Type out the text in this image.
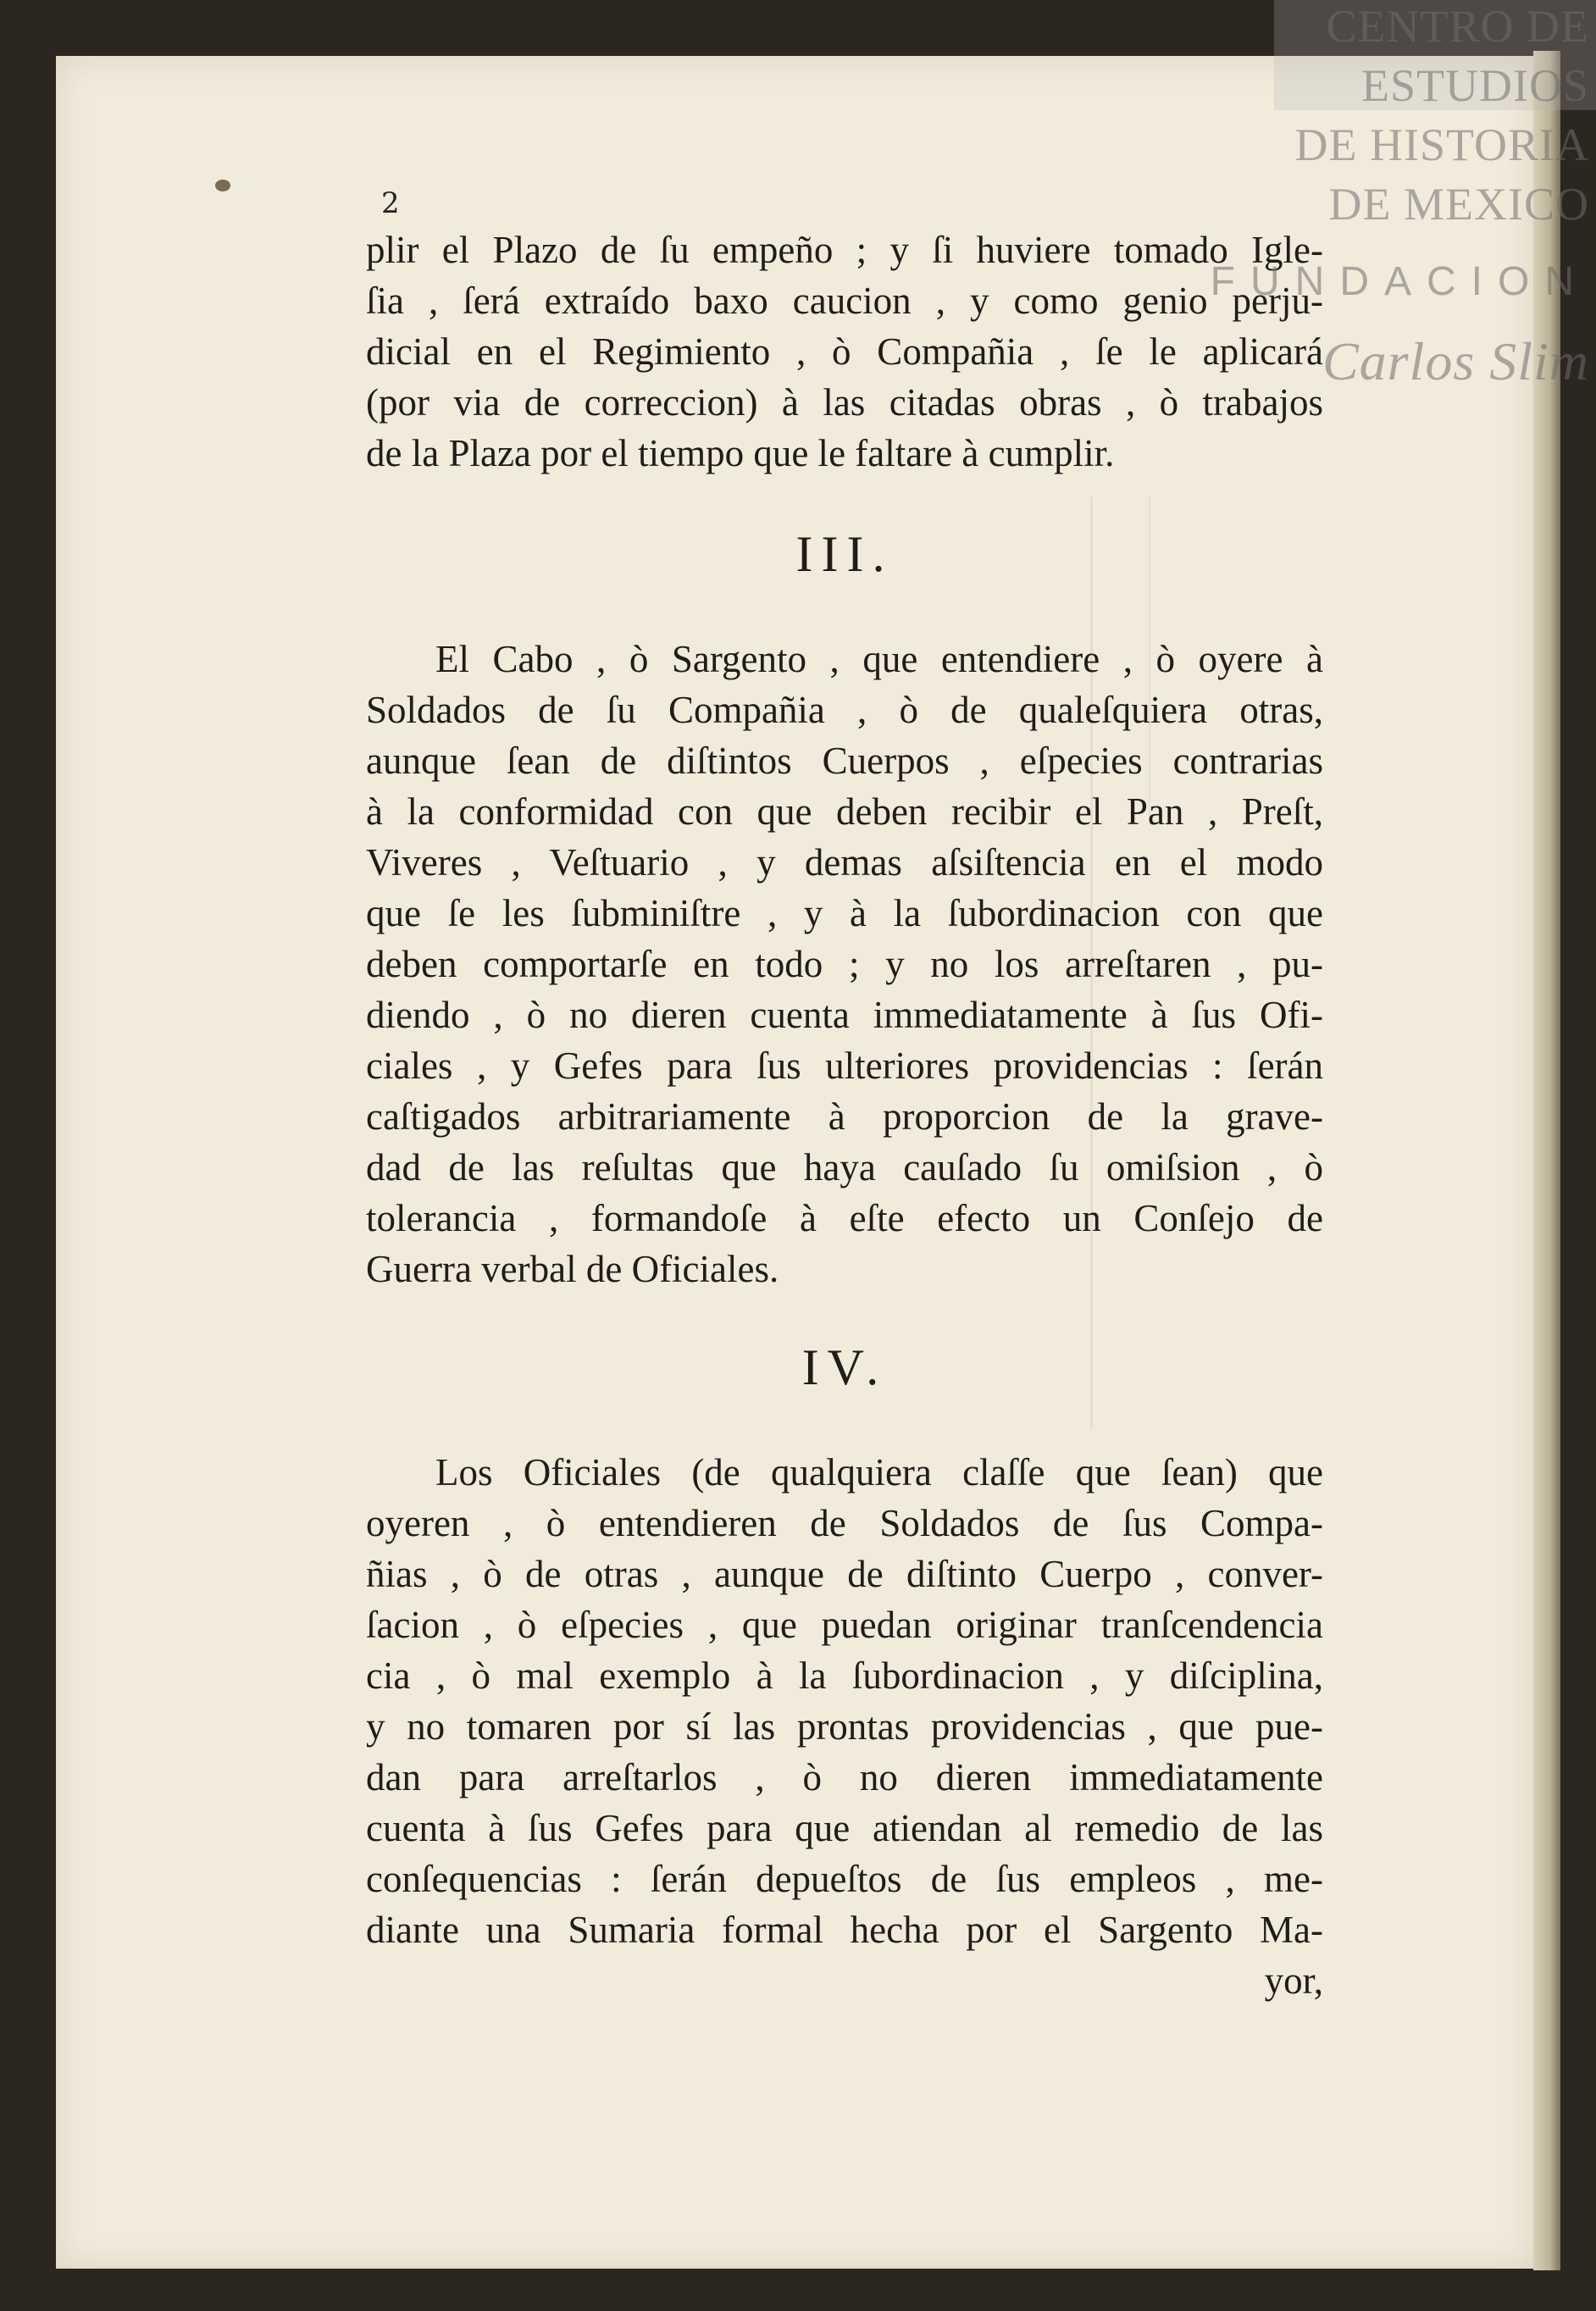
2
plir el Plazo de ſu empeño ; y ſi huviere tomado Igle-
ſia , ſerá extraído baxo caucion , y como genio perju-
dicial en el Regimiento , ò Compañia , ſe le aplicará
(por via de correccion) à las citadas obras , ò trabajos
de la Plaza por el tiempo que le faltare à cumplir.
III.
El Cabo , ò Sargento , que entendiere , ò oyere à
Soldados de ſu Compañia , ò de qualeſquiera otras,
aunque ſean de diſtintos Cuerpos , eſpecies contrarias
à la conformidad con que deben recibir el Pan , Preſt,
Viveres , Veſtuario , y demas aſsiſtencia en el modo
que ſe les ſubminiſtre , y à la ſubordinacion con que
deben comportarſe en todo ; y no los arreſtaren , pu-
diendo , ò no dieren cuenta immediatamente à ſus Ofi-
ciales , y Gefes para ſus ulteriores providencias : ſerán
caſtigados arbitrariamente à proporcion de la grave-
dad de las reſultas que haya cauſado ſu omiſsion , ò
tolerancia , formandoſe à eſte efecto un Conſejo de
Guerra verbal de Oficiales.
IV.
Los Oficiales (de qualquiera claſſe que ſean) que
oyeren , ò entendieren de Soldados de ſus Compa-
ñias , ò de otras , aunque de diſtinto Cuerpo , conver-
ſacion , ò eſpecies , que puedan originar tranſcendencia
cia , ò mal exemplo à la ſubordinacion , y diſciplina,
y no tomaren por sí las prontas providencias , que pue-
dan para arreſtarlos , ò no dieren immediatamente
cuenta à ſus Gefes para que atiendan al remedio de las
conſequencias : ſerán depueſtos de ſus empleos , me-
diante una Sumaria formal hecha por el Sargento Ma-
yor,
CENTRO DE
ESTUDIOS
DE HISTORIA
DE MEXICO
FUNDACION
Carlos Slim
